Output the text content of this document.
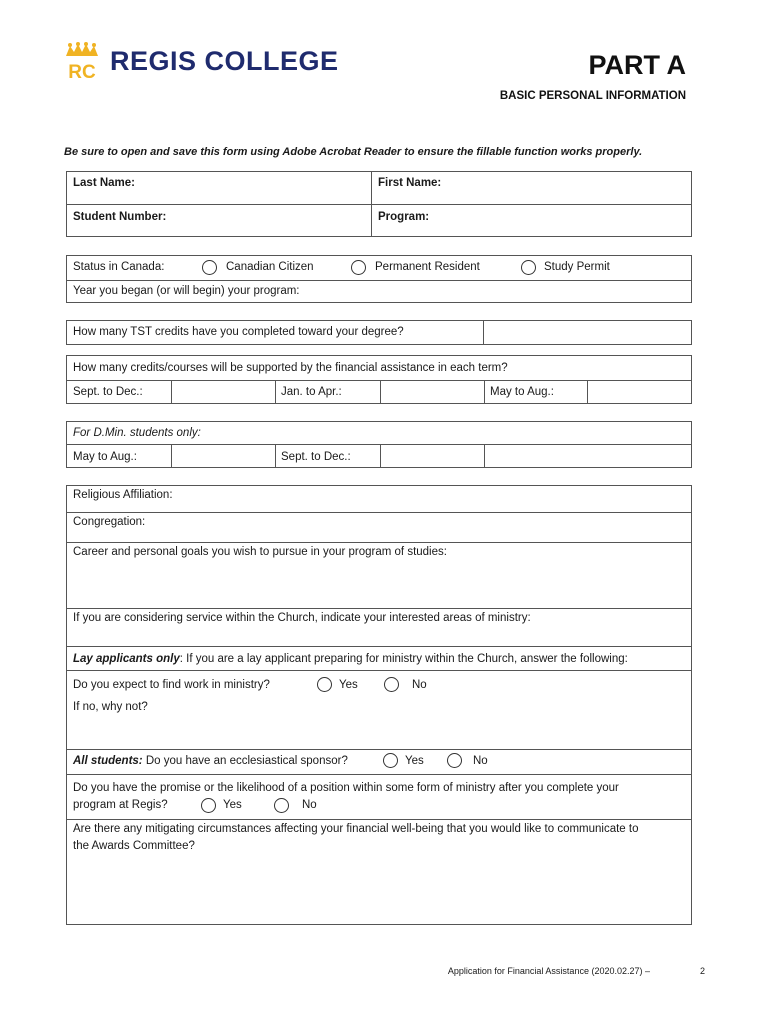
RC REGIS COLLEGE	PART A
BASIC PERSONAL INFORMATION
Be sure to open and save this form using Adobe Acrobat Reader to ensure the fillable function works properly.
Last Name:	First Name:
Student Number:	Program:
Status in Canada:	Canadian Citizen	Permanent Resident	Study Permit
Year you began (or will begin) your program:
How many TST credits have you completed toward your degree?
How many credits/courses will be supported by the financial assistance in each term?
Sept. to Dec.:	Jan. to Apr.:	May to Aug.:
For D.Min. students only:
May to Aug.:	Sept. to Dec.:
Religious Affiliation:
Congregation:
Career and personal goals you wish to pursue in your program of studies:
If you are considering service within the Church, indicate your interested areas of ministry:
Lay applicants only: If you are a lay applicant preparing for ministry within the Church, answer the following:
Do you expect to find work in ministry?	Yes	No
If no, why not?
All students: Do you have an ecclesiastical sponsor?	Yes	No
Do you have the promise or the likelihood of a position within some form of ministry after you complete your
program at Regis?	Yes	No
Are there any mitigating circumstances affecting your financial well-being that you would like to communicate to
the Awards Committee?
Application for Financial Assistance (2020.02.27) –	2
